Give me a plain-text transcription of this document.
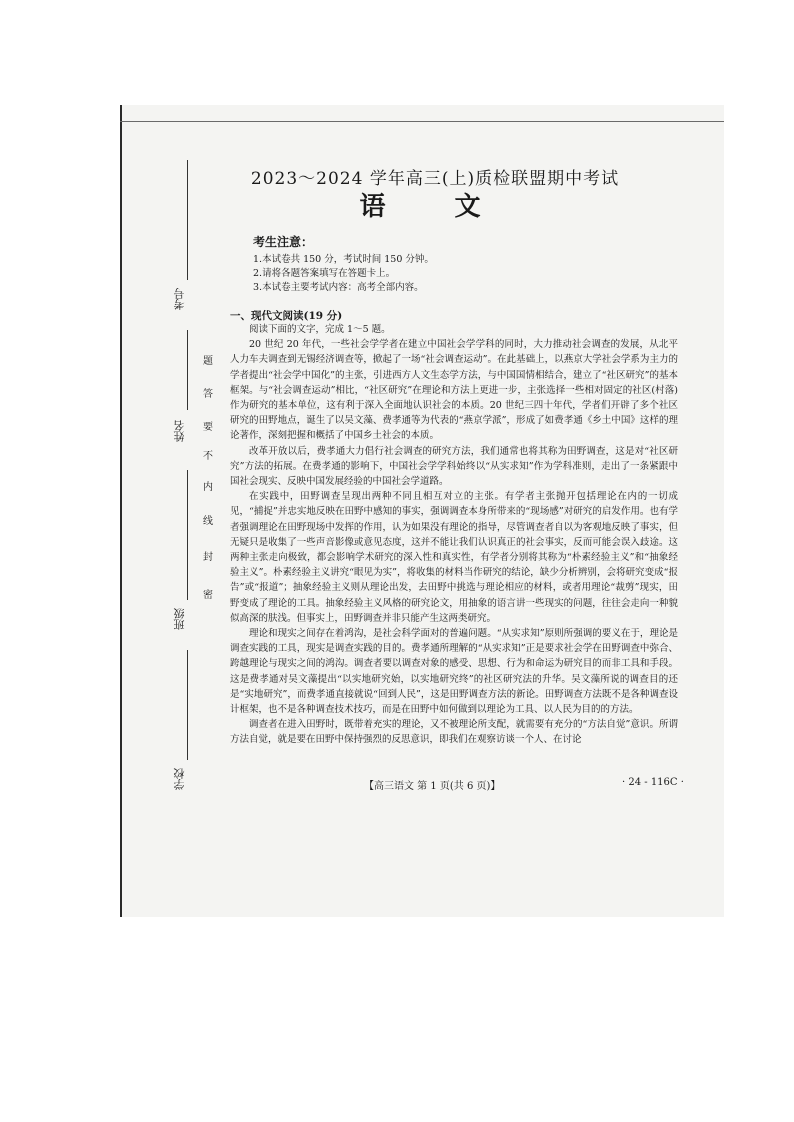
考号
姓名
班级
学校
密
封
线
内
不
要
答
题
2023～2024 学年高三(上)质检联盟期中考试
语 文
考生注意：
1.本试卷共 150 分，考试时间 150 分钟。
2.请将各题答案填写在答题卡上。
3.本试卷主要考试内容：高考全部内容。
一、现代文阅读(19 分)

阅读下面的文字，完成 1～5 题。

20 世纪 20 年代，一些社会学学者在建立中国社会学学科的同时，大力推动社会调查的发展，从北平人力车夫调查到无锡经济调查等，掀起了一场“社会调查运动”。在此基础上，以燕京大学社会学系为主力的学者提出“社会学中国化”的主张，引进西方人文生态学方法，与中国国情相结合，建立了“社区研究”的基本框架。与“社会调查运动”相比，“社区研究”在理论和方法上更进一步，主张选择一些相对固定的社区(村落)作为研究的基本单位，这有利于深入全面地认识社会的本质。20 世纪三四十年代，学者们开辟了多个社区研究的田野地点，诞生了以吴文藻、费孝通等为代表的“燕京学派”，形成了如费孝通《乡土中国》这样的理论著作，深刻把握和概括了中国乡土社会的本质。

改革开放以后，费孝通大力倡行社会调查的研究方法，我们通常也将其称为田野调查，这是对“社区研究”方法的拓展。在费孝通的影响下，中国社会学学科始终以“从实求知”作为学科准则，走出了一条紧跟中国社会现实、反映中国发展经验的中国社会学道路。

在实践中，田野调查呈现出两种不同且相互对立的主张。有学者主张抛开包括理论在内的一切成见，“捕捉”并忠实地反映在田野中感知的事实，强调调查本身所带来的“现场感”对研究的启发作用。也有学者强调理论在田野现场中发挥的作用，认为如果没有理论的指导，尽管调查者自以为客观地反映了事实，但无疑只是收集了一些声音影像或意见态度，这并不能让我们认识真正的社会事实，反而可能会误入歧途。这两种主张走向极致，都会影响学术研究的深入性和真实性，有学者分别将其称为“朴素经验主义”和“抽象经验主义”。朴素经验主义讲究“眼见为实”，将收集的材料当作研究的结论，缺少分析辨别，会将研究变成“报告”或“报道”；抽象经验主义则从理论出发，去田野中挑选与理论相应的材料，或者用理论“裁剪”现实，田野变成了理论的工具。抽象经验主义风格的研究论文，用抽象的语言讲一些现实的问题，往往会走向一种貌似高深的肤浅。但事实上，田野调查并非只能产生这两类研究。

理论和现实之间存在着鸿沟，是社会科学面对的普遍问题。“从实求知”原则所强调的要义在于，理论是调查实践的工具，现实是调查实践的目的。费孝通所理解的“从实求知”正是要求社会学在田野调查中弥合、跨越理论与现实之间的鸿沟。调查者要以调查对象的感受、思想、行为和命运为研究目的而非工具和手段。这是费孝通对吴文藻提出“以实地研究始，以实地研究终”的社区研究法的升华。吴文藻所说的调查目的还是“实地研究”，而费孝通直接就说“回到人民”，这是田野调查方法的新论。田野调查方法既不是各种调查设计框架，也不是各种调查技术技巧，而是在田野中如何做到以理论为工具、以人民为目的的方法。

调查者在进入田野时，既带着充实的理论，又不被理论所支配，就需要有充分的“方法自觉”意识。所谓方法自觉，就是要在田野中保持强烈的反思意识，即我们在观察访谈一个人、在讨论

【高三语文 第 1 页(共 6 页)】	· 24 - 116C ·
